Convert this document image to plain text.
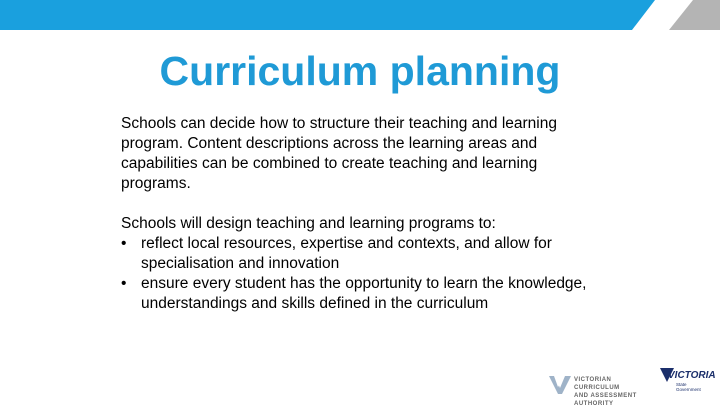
Curriculum planning

Schools can decide how to structure their teaching and learning program. Content descriptions across the learning areas and capabilities can be combined to create teaching and learning programs.

Schools will design teaching and learning programs to:

• reflect local resources, expertise and contexts, and allow for specialisation and innovation
• ensure every student has the opportunity to learn the knowledge, understandings and skills defined in the curriculum
VICTORIAN CURRICULUM
AND ASSESSMENT AUTHORITY
VICTORIA
State
Government
